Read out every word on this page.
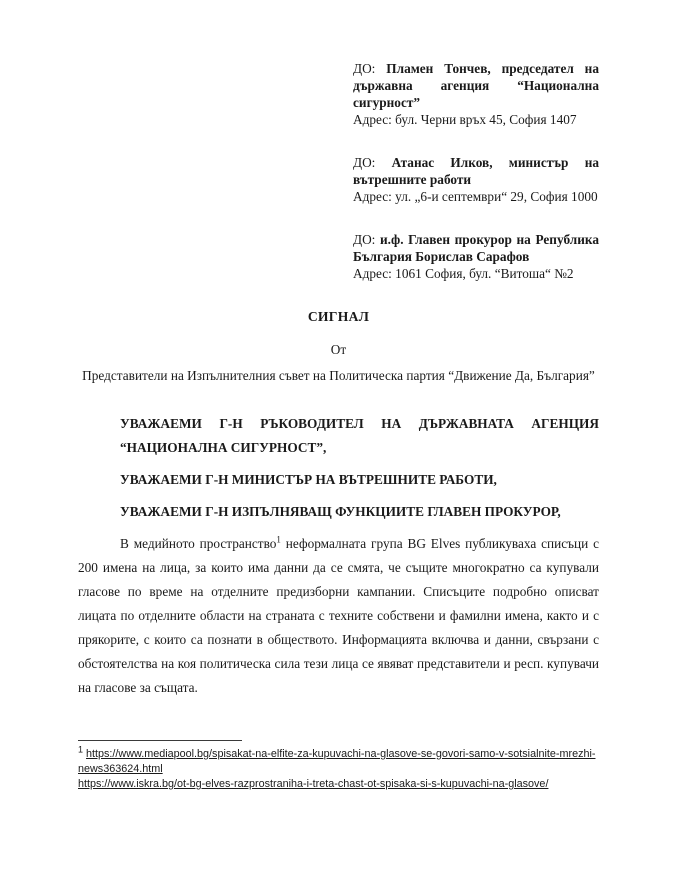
ДО: Пламен Тончев, председател на държавна агенция “Национална сигурност”

Адрес: бул. Черни връх 45, София 1407

ДО: Атанас Илков, министър на вътрешните работи

Адрес: ул. „6-и септември“ 29, София 1000

ДО: и.ф. Главен прокурор на Република България Борислав Сарафов

Адрес: 1061 София, бул. “Витоша“ №2

СИГНАЛ

От

Представители на Изпълнителния съвет на Политическа партия “Движение Да, България”

УВАЖАЕМИ Г-Н РЪКОВОДИТЕЛ НА ДЪРЖАВНАТА АГЕНЦИЯ “НАЦИОНАЛНА СИГУРНОСТ”,

УВАЖАЕМИ Г-Н МИНИСТЪР НА ВЪТРЕШНИТЕ РАБОТИ,

УВАЖАЕМИ Г-Н ИЗПЪЛНЯВАЩ ФУНКЦИИТЕ ГЛАВЕН ПРОКУРОР,

В медийното пространство$^1$ неформалната група BG Elves публикуваха списъци с 200 имена на лица, за които има данни да се смята, че същите многократно са купували гласове по време на отделните предизборни кампании. Списъците подробно описват лицата по отделните области на страната с техните собствени и фамилни имена, както и с прякорите, с които са познати в обществото. Информацията включва и данни, свързани с обстоятелства на коя политическа сила тези лица се явяват представители и респ. купувачи на гласове за същата.

$^1$ https://www.mediapool.bg/spisakat-na-elfite-za-kupuvachi-na-glasove-se-govori-samo-v-sotsialnite-mrezhi-news363624.html

https://www.iskra.bg/ot-bg-elves-razprostraniha-i-treta-chast-ot-spisaka-si-s-kupuvachi-na-glasove/
